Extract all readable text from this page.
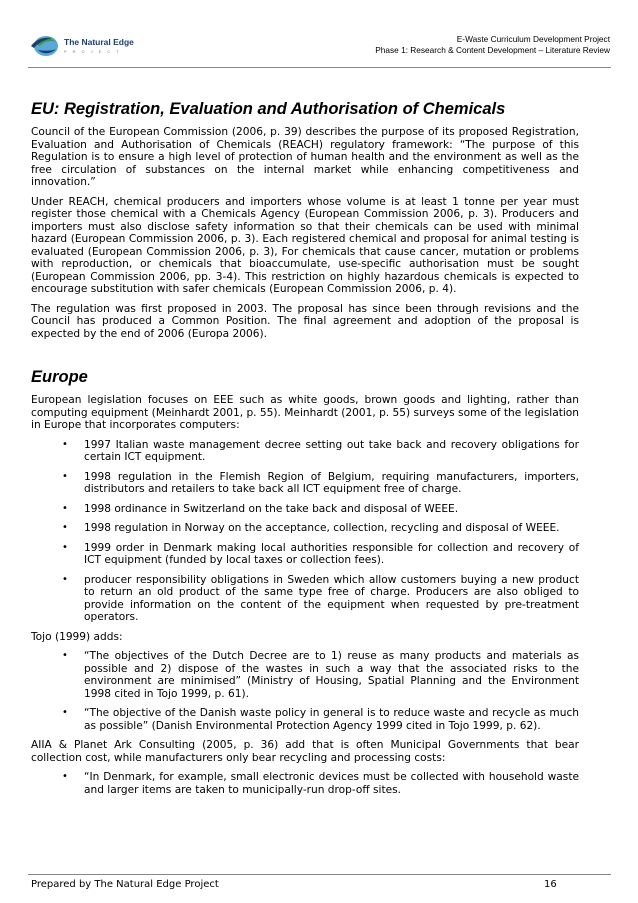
The Natural Edge
PROJECT
E-Waste Curriculum Development Project
Phase 1: Research & Content Development – Literature Review
EU: Registration, Evaluation and Authorisation of Chemicals

Council of the European Commission (2006, p. 39) describes the purpose of its proposed Registration, Evaluation and Authorisation of Chemicals (REACH) regulatory framework: “The purpose of this Regulation is to ensure a high level of protection of human health and the environment as well as the free circulation of substances on the internal market while enhancing competitiveness and innovation.”

Under REACH, chemical producers and importers whose volume is at least 1 tonne per year must register those chemical with a Chemicals Agency (European Commission 2006, p. 3). Producers and importers must also disclose safety information so that their chemicals can be used with minimal hazard (European Commission 2006, p. 3). Each registered chemical and proposal for animal testing is evaluated (European Commission 2006, p. 3), For chemicals that cause cancer, mutation or problems with reproduction, or chemicals that bioaccumulate, use-specific authorisation must be sought (European Commission 2006, pp. 3-4). This restriction on highly hazardous chemicals is expected to encourage substitution with safer chemicals (European Commission 2006, p. 4).

The regulation was first proposed in 2003. The proposal has since been through revisions and the Council has produced a Common Position. The final agreement and adoption of the proposal is expected by the end of 2006 (Europa 2006).

Europe

European legislation focuses on EEE such as white goods, brown goods and lighting, rather than computing equipment (Meinhardt 2001, p. 55). Meinhardt (2001, p. 55) surveys some of the legislation in Europe that incorporates computers:

• 1997 Italian waste management decree setting out take back and recovery obligations for certain ICT equipment.
• 1998 regulation in the Flemish Region of Belgium, requiring manufacturers, importers, distributors and retailers to take back all ICT equipment free of charge.
• 1998 ordinance in Switzerland on the take back and disposal of WEEE.
• 1998 regulation in Norway on the acceptance, collection, recycling and disposal of WEEE.
• 1999 order in Denmark making local authorities responsible for collection and recovery of ICT equipment (funded by local taxes or collection fees).
• producer responsibility obligations in Sweden which allow customers buying a new product to return an old product of the same type free of charge. Producers are also obliged to provide information on the content of the equipment when requested by pre-treatment operators.

Tojo (1999) adds:

• “The objectives of the Dutch Decree are to 1) reuse as many products and materials as possible and 2) dispose of the wastes in such a way that the associated risks to the environment are minimised” (Ministry of Housing, Spatial Planning and the Environment 1998 cited in Tojo 1999, p. 61).
• “The objective of the Danish waste policy in general is to reduce waste and recycle as much as possible” (Danish Environmental Protection Agency 1999 cited in Tojo 1999, p. 62).

AIIA & Planet Ark Consulting (2005, p. 36) add that is often Municipal Governments that bear collection cost, while manufacturers only bear recycling and processing costs:

• “In Denmark, for example, small electronic devices must be collected with household waste and larger items are taken to municipally-run drop-off sites.
Prepared by The Natural Edge Project	16
